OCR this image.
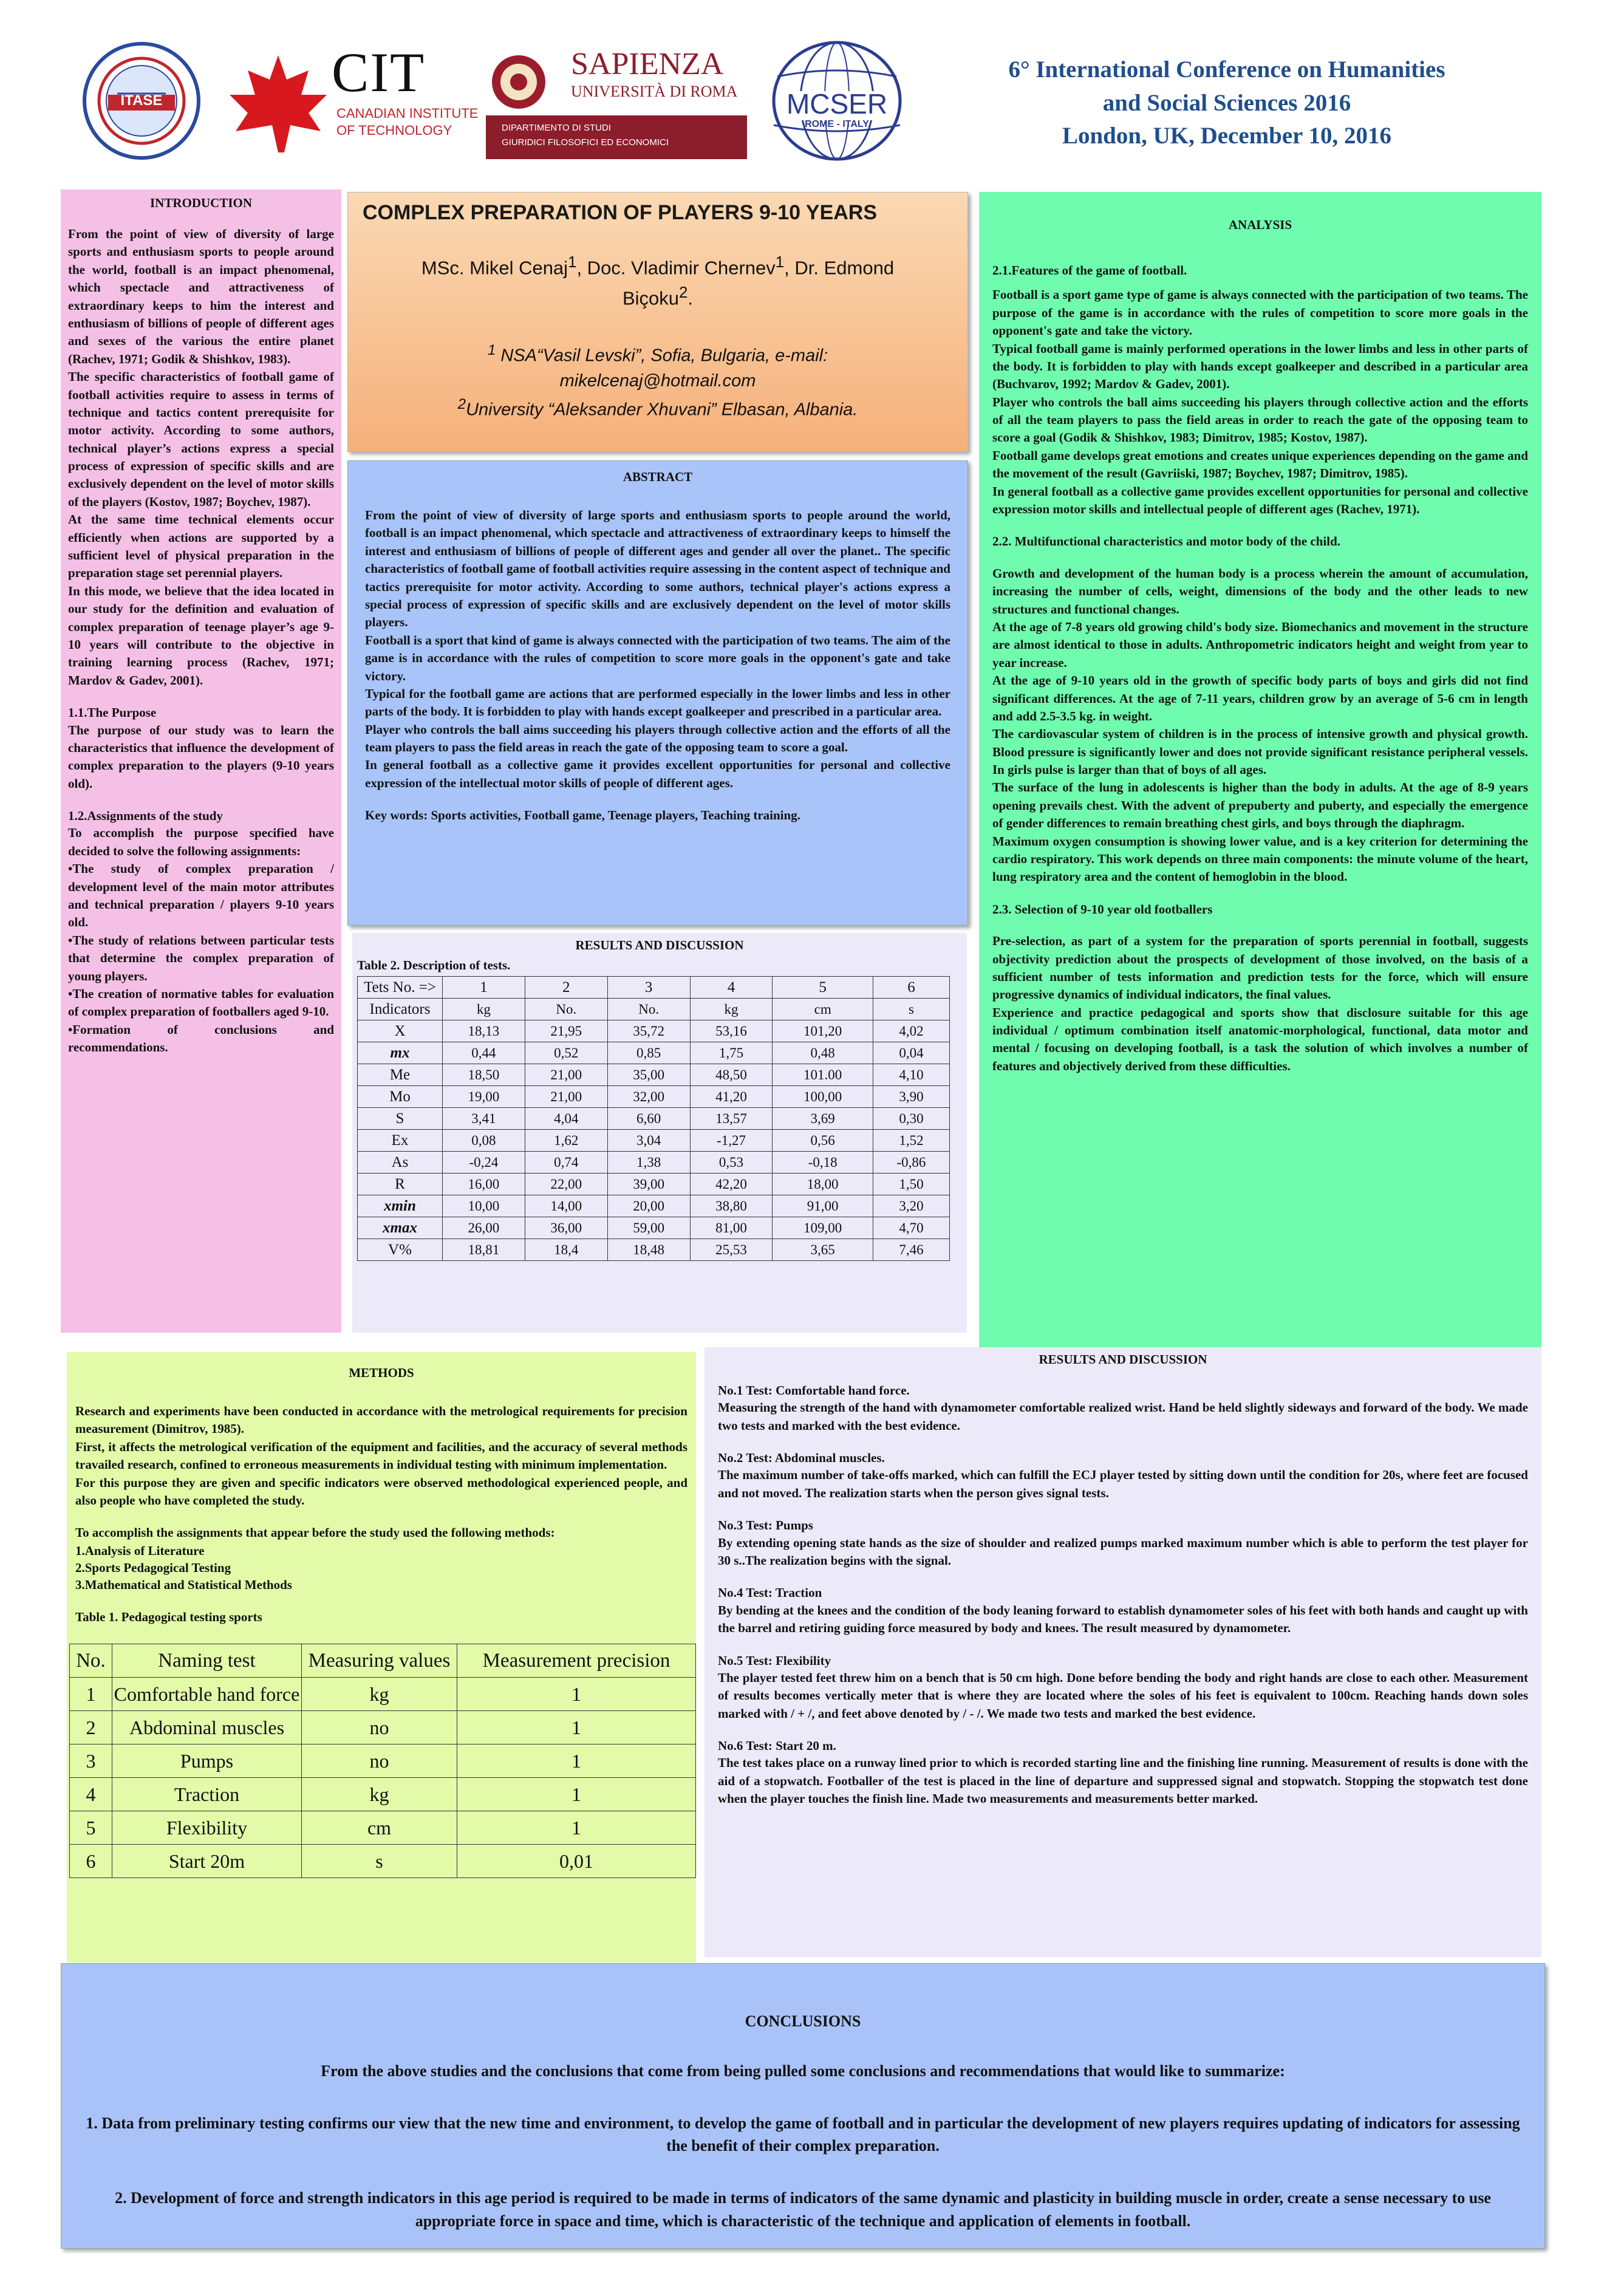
ITASE	CIT
CANADIAN INSTITUTE
OF TECHNOLOGY
SAPIENZA
UNIVERSITÀ DI ROMA
DIPARTIMENTO DI STUDI
GIURIDICI FILOSOFICI ED ECONOMICI
MCSER
ROME - ITALY
6° International Conference on Humanities
and Social Sciences 2016
London, UK, December 10, 2016
INTRODUCTION

From the point of view of diversity of large sports and enthusiasm sports to people around the world, football is an impact phenomenal, which spectacle and attractiveness of extraordinary keeps to him the interest and enthusiasm of billions of people of different ages and sexes of the various the entire planet (Rachev, 1971; Godik & Shishkov, 1983).

The specific characteristics of football game of football activities require to assess in terms of technique and tactics content prerequisite for motor activity. According to some authors, technical player’s actions express a special process of expression of specific skills and are exclusively dependent on the level of motor skills of the players (Kostov, 1987; Boychev, 1987).

At the same time technical elements occur efficiently when actions are supported by a sufficient level of physical preparation in the preparation stage set perennial players.

In this mode, we believe that the idea located in our study for the definition and evaluation of complex preparation of teenage player’s age 9-10 years will contribute to the objective in training learning process (Rachev, 1971; Mardov & Gadev, 2001).

1.1.The Purpose

The purpose of our study was to learn the characteristics that influence the development of complex preparation to the players (9-10 years old).

1.2.Assignments of the study

To accomplish the purpose specified have decided to solve the following assignments:

•The study of complex preparation / development level of the main motor attributes and technical preparation / players 9-10 years old.

•The study of relations between particular tests that determine the complex preparation of young players.

•The creation of normative tables for evaluation of complex preparation of footballers aged 9-10.

•Formation of conclusions and recommendations.

COMPLEX PREPARATION OF PLAYERS 9-10 YEARS
MSc. Mikel Cenaj$^1$, Doc. Vladimir Chernev$^1$, Dr. Edmond
Biçoku$^2$.
$^1$ NSA“Vasil Levski”, Sofia, Bulgaria, e-mail:
mikelcenaj@hotmail.com
$^2$University “Aleksander Xhuvani” Elbasan, Albania.
ABSTRACT

From the point of view of diversity of large sports and enthusiasm sports to people around the world, football is an impact phenomenal, which spectacle and attractiveness of extraordinary keeps to himself the interest and enthusiasm of billions of people of different ages and gender all over the planet.. The specific characteristics of football game of football activities require assessing in the content aspect of technique and tactics prerequisite for motor activity. According to some authors, technical player's actions express a special process of expression of specific skills and are exclusively dependent on the level of motor skills players.

Football is a sport that kind of game is always connected with the participation of two teams. The aim of the game is in accordance with the rules of competition to score more goals in the opponent's gate and take victory.

Typical for the football game are actions that are performed especially in the lower limbs and less in other parts of the body. It is forbidden to play with hands except goalkeeper and prescribed in a particular area.

Player who controls the ball aims succeeding his players through collective action and the efforts of all the team players to pass the field areas in reach the gate of the opposing team to score a goal.

In general football as a collective game it provides excellent opportunities for personal and collective expression of the intellectual motor skills of people of different ages.

Key words: Sports activities, Football game, Teenage players, Teaching training.

RESULTS AND DISCUSSION
Table 2. Description of tests.
Tets No. =>	1	2	3	4	5	6
Indicators	kg	No.	No.	kg	cm	s
X	18,13	21,95	35,72	53,16	101,20	4,02
mx	0,44	0,52	0,85	1,75	0,48	0,04
Me	18,50	21,00	35,00	48,50	101.00	4,10
Mo	19,00	21,00	32,00	41,20	100,00	3,90
S	3,41	4,04	6,60	13,57	3,69	0,30
Ex	0,08	1,62	3,04	-1,27	0,56	1,52
As	-0,24	0,74	1,38	0,53	-0,18	-0,86
R	16,00	22,00	39,00	42,20	18,00	1,50
xmin	10,00	14,00	20,00	38,80	91,00	3,20
xmax	26,00	36,00	59,00	81,00	109,00	4,70
V%	18,81	18,4	18,48	25,53	3,65	7,46
ANALYSIS
2.1.Features of the game of football.

Football is a sport game type of game is always connected with the participation of two teams. The purpose of the game is in accordance with the rules of competition to score more goals in the opponent's gate and take the victory.

Typical football game is mainly performed operations in the lower limbs and less in other parts of the body. It is forbidden to play with hands except goalkeeper and described in a particular area (Buchvarov, 1992; Mardov & Gadev, 2001).

Player who controls the ball aims succeeding his players through collective action and the efforts of all the team players to pass the field areas in order to reach the gate of the opposing team to score a goal (Godik & Shishkov, 1983; Dimitrov, 1985; Kostov, 1987).

Football game develops great emotions and creates unique experiences depending on the game and the movement of the result (Gavriiski, 1987; Boychev, 1987; Dimitrov, 1985).

In general football as a collective game provides excellent opportunities for personal and collective expression motor skills and intellectual people of different ages (Rachev, 1971).

2.2. Multifunctional characteristics and motor body of the child.

Growth and development of the human body is a process wherein the amount of accumulation, increasing the number of cells, weight, dimensions of the body and the other leads to new structures and functional changes.

At the age of 7-8 years old growing child's body size. Biomechanics and movement in the structure are almost identical to those in adults. Anthropometric indicators height and weight from year to year increase.

At the age of 9-10 years old in the growth of specific body parts of boys and girls did not find significant differences. At the age of 7-11 years, children grow by an average of 5-6 cm in length and add 2.5-3.5 kg. in weight.

The cardiovascular system of children is in the process of intensive growth and physical growth. Blood pressure is significantly lower and does not provide significant resistance peripheral vessels. In girls pulse is larger than that of boys of all ages.

The surface of the lung in adolescents is higher than the body in adults. At the age of 8-9 years opening prevails chest. With the advent of prepuberty and puberty, and especially the emergence of gender differences to remain breathing chest girls, and boys through the diaphragm.

Maximum oxygen consumption is showing lower value, and is a key criterion for determining the cardio respiratory. This work depends on three main components: the minute volume of the heart, lung respiratory area and the content of hemoglobin in the blood.

2.3. Selection of 9-10 year old footballers

Pre-selection, as part of a system for the preparation of sports perennial in football, suggests objectivity prediction about the prospects of development of those involved, on the basis of a sufficient number of tests information and prediction tests for the force, which will ensure progressive dynamics of individual indicators, the final values.

Experience and practice pedagogical and sports show that disclosure suitable for this age individual / optimum combination itself anatomic-morphological, functional, data motor and mental / focusing on developing football, is a task the solution of which involves a number of features and objectively derived from these difficulties.

METHODS

Research and experiments have been conducted in accordance with the metrological requirements for precision measurement (Dimitrov, 1985).

First, it affects the metrological verification of the equipment and facilities, and the accuracy of several methods travailed research, confined to erroneous measurements in individual testing with minimum implementation.

For this purpose they are given and specific indicators were observed methodological experienced people, and also people who have completed the study.

To accomplish the assignments that appear before the study used the following methods:

1.Analysis of Literature
2.Sports Pedagogical Testing
3.Mathematical and Statistical Methods
Table 1. Pedagogical testing sports
No.	Naming test	Measuring values	Measurement precision
1	Comfortable hand force	kg	1
2	Abdominal muscles	no	1
3	Pumps	no	1
4	Traction	kg	1
5	Flexibility	cm	1
6	Start 20m	s	0,01
RESULTS AND DISCUSSION
No.1 Test: Comfortable hand force.

Measuring the strength of the hand with dynamometer comfortable realized wrist. Hand be held slightly sideways and forward of the body. We made two tests and marked with the best evidence.

No.2 Test: Abdominal muscles.

The maximum number of take-offs marked, which can fulfill the ECJ player tested by sitting down until the condition for 20s, where feet are focused and not moved. The realization starts when the person gives signal tests.

No.3 Test: Pumps

By extending opening state hands as the size of shoulder and realized pumps marked maximum number which is able to perform the test player for 30 s..The realization begins with the signal.

No.4 Test: Traction

By bending at the knees and the condition of the body leaning forward to establish dynamometer soles of his feet with both hands and caught up with the barrel and retiring guiding force measured by body and knees. The result measured by dynamometer.

No.5 Test: Flexibility

The player tested feet threw him on a bench that is 50 cm high. Done before bending the body and right hands are close to each other. Measurement of results becomes vertically meter that is where they are located where the soles of his feet is equivalent to 100cm. Reaching hands down soles marked with / + /, and feet above denoted by / - /. We made two tests and marked the best evidence.

No.6 Test: Start 20 m.

The test takes place on a runway lined prior to which is recorded starting line and the finishing line running. Measurement of results is done with the aid of a stopwatch. Footballer of the test is placed in the line of departure and suppressed signal and stopwatch. Stopping the stopwatch test done when the player touches the finish line. Made two measurements and measurements better marked.

CONCLUSIONS
From the above studies and the conclusions that come from being pulled some conclusions and recommendations that would like to summarize:
1. Data from preliminary testing confirms our view that the new time and environment, to develop the game of football and in particular the development of new players requires updating of indicators for assessing the benefit of their complex preparation.
2. Development of force and strength indicators in this age period is required to be made in terms of indicators of the same dynamic and plasticity in building muscle in order, create a sense necessary to use appropriate force in space and time, which is characteristic of the technique and application of elements in football.
